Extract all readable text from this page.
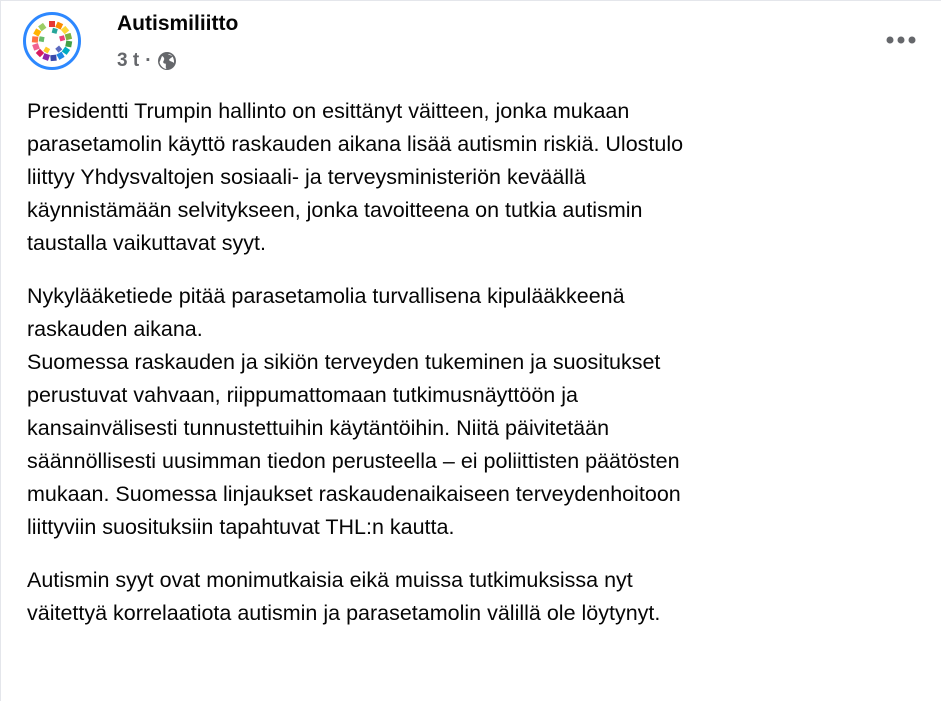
Autismiliitto
3 t ·

Presidentti Trumpin hallinto on esittänyt väitteen, jonka mukaan
parasetamolin käyttö raskauden aikana lisää autismin riskiä. Ulostulo
liittyy Yhdysvaltojen sosiaali- ja terveysministeriön keväällä
käynnistämään selvitykseen, jonka tavoitteena on tutkia autismin
taustalla vaikuttavat syyt.

Nykylääketiede pitää parasetamolia turvallisena kipulääkkeenä
raskauden aikana.
Suomessa raskauden ja sikiön terveyden tukeminen ja suositukset
perustuvat vahvaan, riippumattomaan tutkimusnäyttöön ja
kansainvälisesti tunnustettuihin käytäntöihin. Niitä päivitetään
säännöllisesti uusimman tiedon perusteella – ei poliittisten päätösten
mukaan. Suomessa linjaukset raskaudenaikaiseen terveydenhoitoon
liittyviin suosituksiin tapahtuvat THL:n kautta.

Autismin syyt ovat monimutkaisia eikä muissa tutkimuksissa nyt
väitettyä korrelaatiota autismin ja parasetamolin välillä ole löytynyt.
